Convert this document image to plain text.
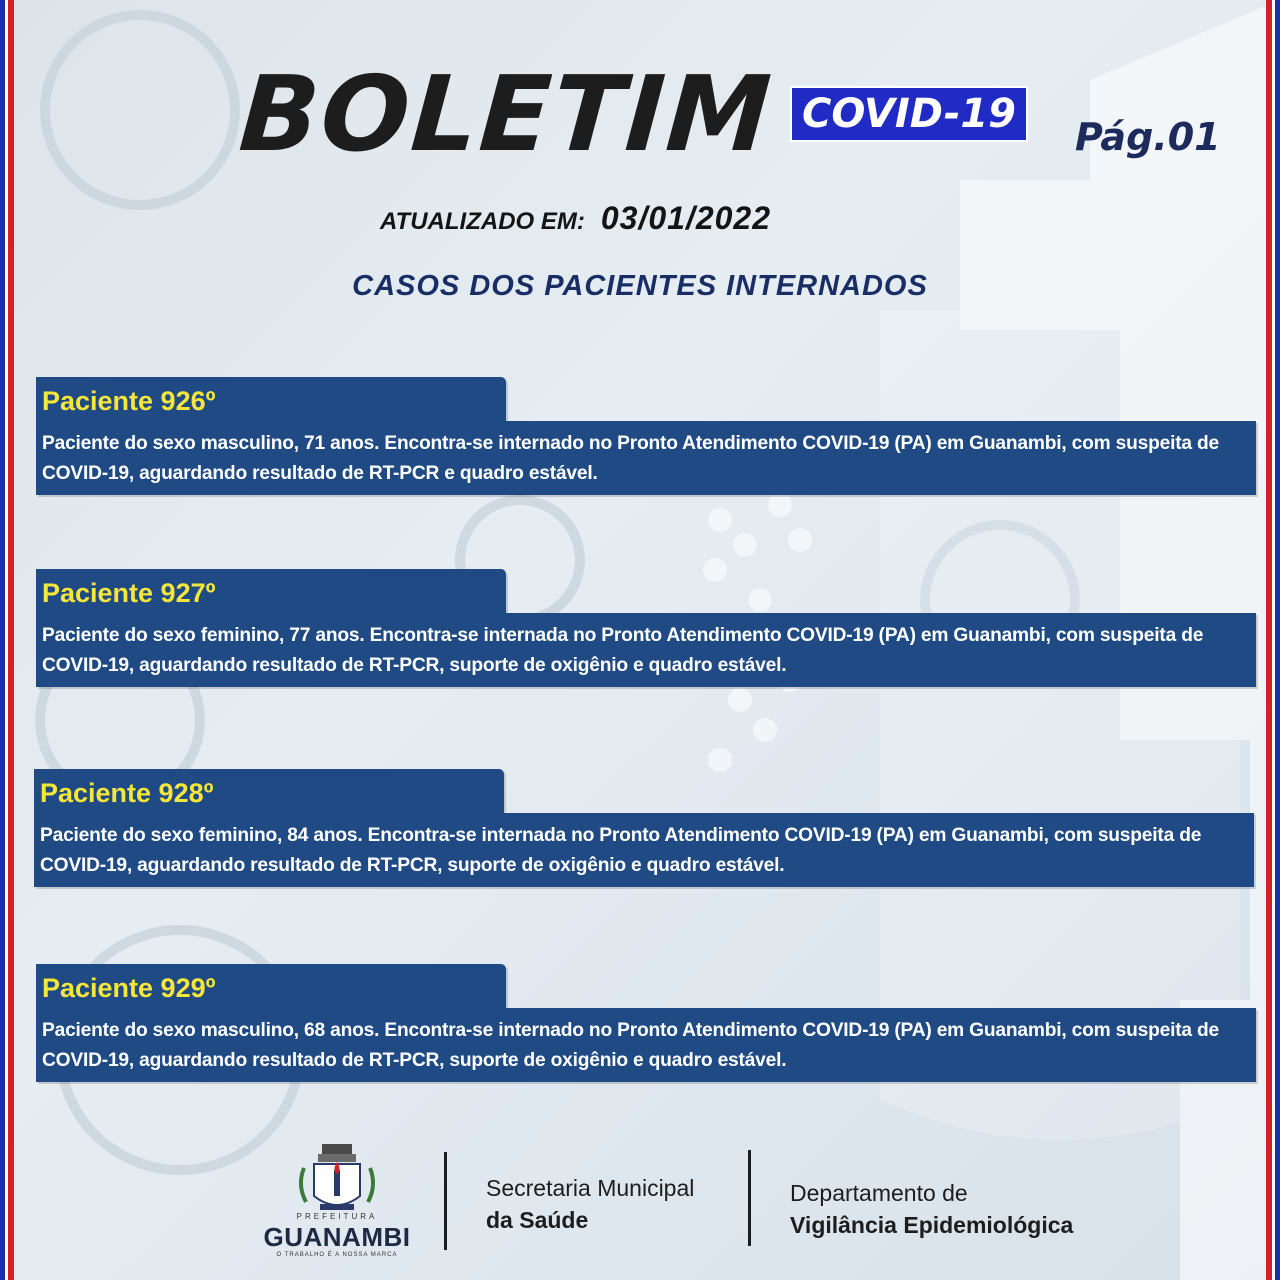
BOLETIM COVID-19	Pág.01
ATUALIZADO EM: 03/01/2022
CASOS DOS PACIENTES INTERNADOS
Paciente 926º
Paciente do sexo masculino, 71 anos. Encontra-se internado no Pronto Atendimento COVID-19 (PA) em Guanambi, com suspeita de COVID-19, aguardando resultado de RT-PCR e quadro estável.
Paciente 927º
Paciente do sexo feminino, 77 anos. Encontra-se internada no Pronto Atendimento COVID-19 (PA) em Guanambi, com suspeita de COVID-19, aguardando resultado de RT-PCR, suporte de oxigênio e quadro estável.
Paciente 928º
Paciente do sexo feminino, 84 anos. Encontra-se internada no Pronto Atendimento COVID-19 (PA) em Guanambi, com suspeita de COVID-19, aguardando resultado de RT-PCR, suporte de oxigênio e quadro estável.
Paciente 929º
Paciente do sexo masculino, 68 anos. Encontra-se internado no Pronto Atendimento COVID-19 (PA) em Guanambi, com suspeita de COVID-19, aguardando resultado de RT-PCR, suporte de oxigênio e quadro estável.
PREFEITURA
GUANAMBI
O TRABALHO É A NOSSA MARCA
Secretaria Municipal
da Saúde
Departamento de
Vigilância Epidemiológica
